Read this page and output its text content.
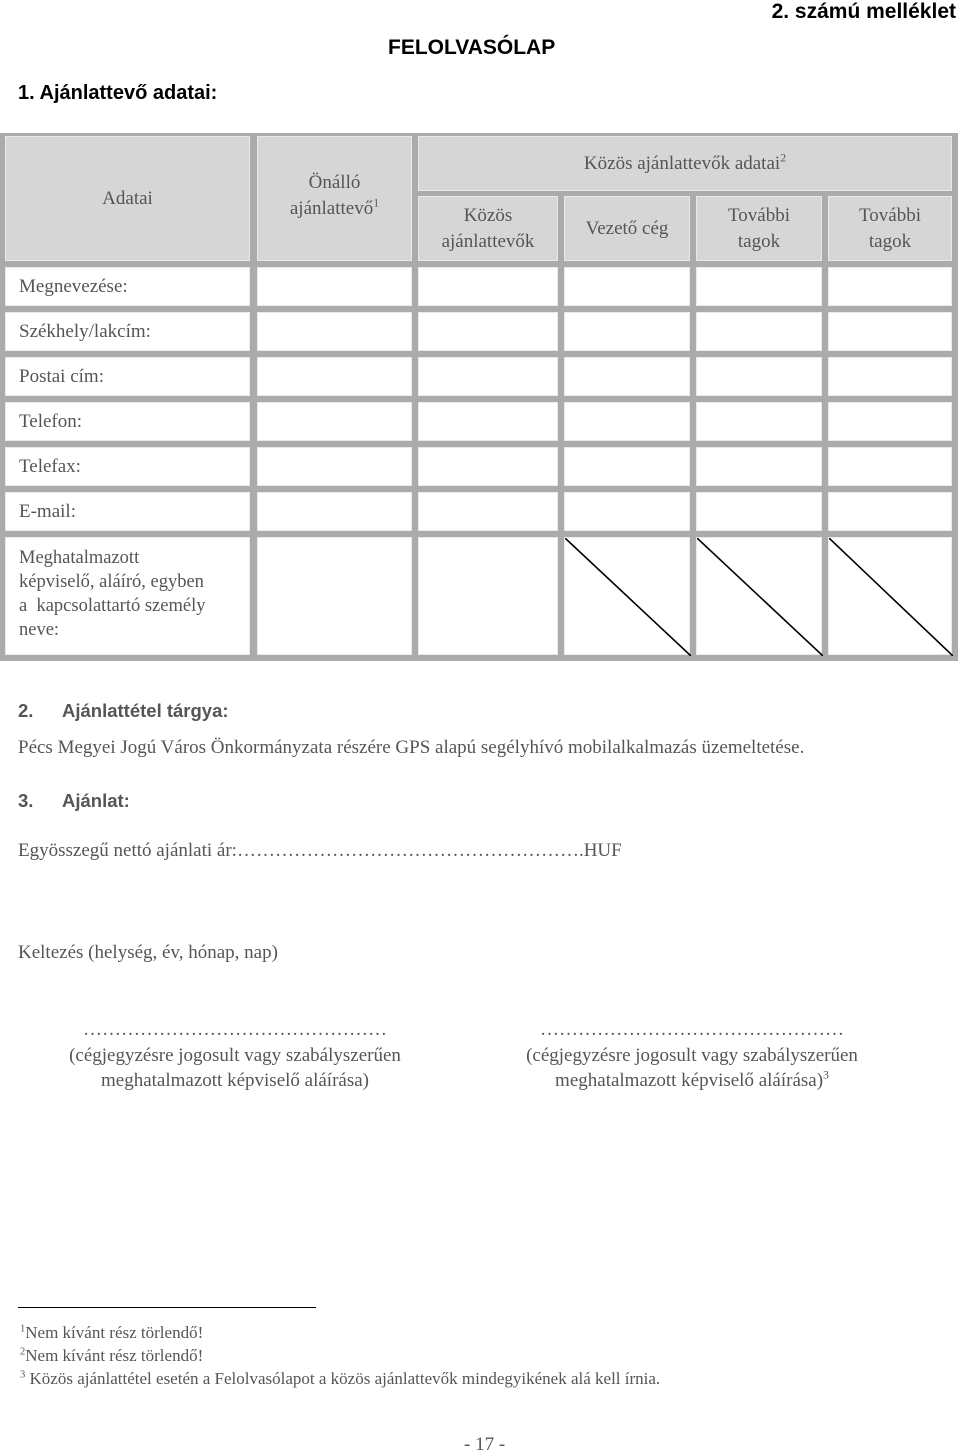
2. számú melléklet
FELOLVASÓLAP
1. Ajánlattevő adatai:
Adatai
Önálló
ajánlattevő$^1$
Közös ajánlattevők adatai$^2$
Közös
ajánlattevők
Vezető cég
További
tagok
További
tagok
Megnevezése:
Székhely/lakcím:
Postai cím:
Telefon:
Telefax:
E-mail:
Meghatalmazott
képviselő, aláíró, egyben
a  kapcsolattartó személy
neve:
2. Ajánlattétel tárgya:
Pécs Megyei Jogú Város Önkormányzata részére GPS alapú segélyhívó mobilalkalmazás üzemeltetése.
3. Ajánlat:
Egyösszegű nettó ajánlati ár:……………………………………………….HUF
Keltezés (helység, év, hónap, nap)
…………………………………………
(cégjegyzésre jogosult vagy szabályszerűen
meghatalmazott képviselő aláírása)
…………………………………………
(cégjegyzésre jogosult vagy szabályszerűen
meghatalmazott képviselő aláírása)$^3$
$^1$Nem kívánt rész törlendő!
$^2$Nem kívánt rész törlendő!
$^3$ Közös ajánlattétel esetén a Felolvasólapot a közös ajánlattevők mindegyikének alá kell írnia.
- 17 -
